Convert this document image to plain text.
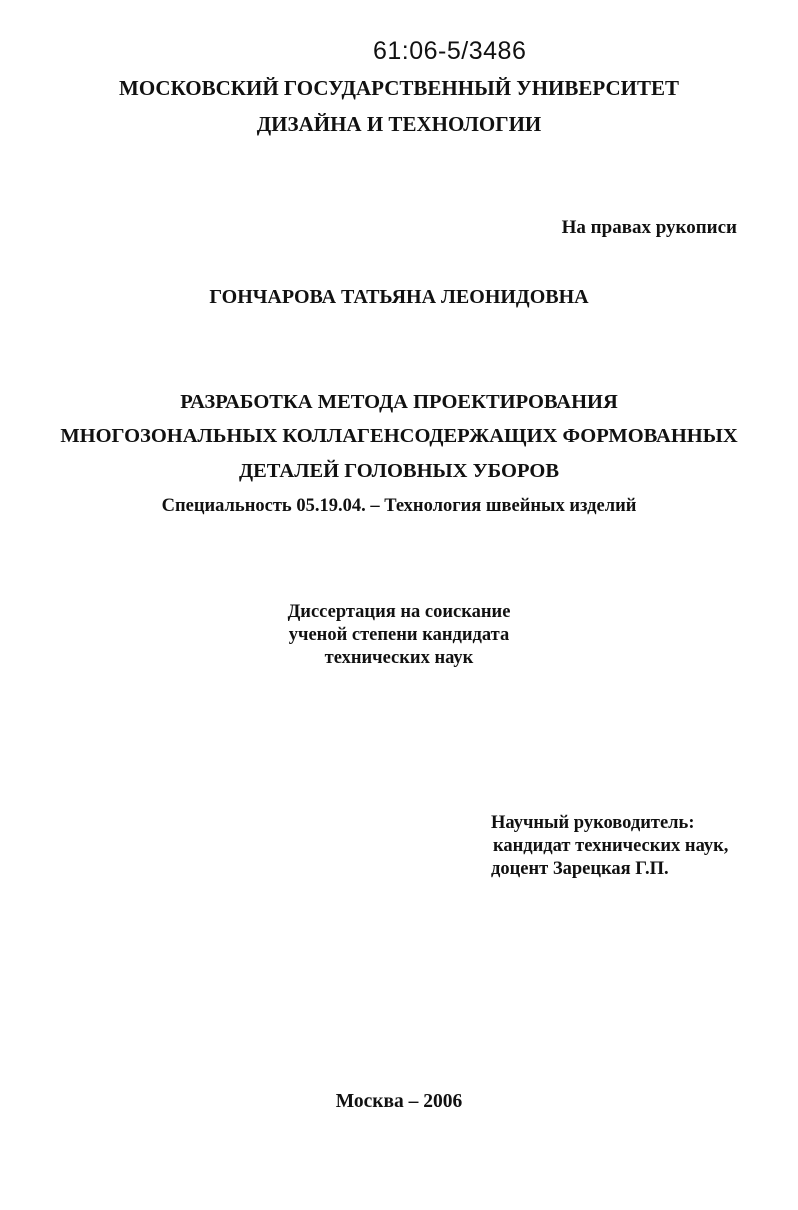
61:06-5/3486
МОСКОВСКИЙ ГОСУДАРСТВЕННЫЙ УНИВЕРСИТЕТ
ДИЗАЙНА И ТЕХНОЛОГИИ
На правах рукописи
ГОНЧАРОВА ТАТЬЯНА ЛЕОНИДОВНА
РАЗРАБОТКА МЕТОДА ПРОЕКТИРОВАНИЯ
МНОГОЗОНАЛЬНЫХ КОЛЛАГЕНСОДЕРЖАЩИХ ФОРМОВАННЫХ
ДЕТАЛЕЙ ГОЛОВНЫХ УБОРОВ
Специальность 05.19.04. – Технология швейных изделий
Диссертация на соискание
ученой степени кандидата
технических наук
Научный руководитель:
кандидат технических наук,
доцент Зарецкая Г.П.
Москва – 2006
